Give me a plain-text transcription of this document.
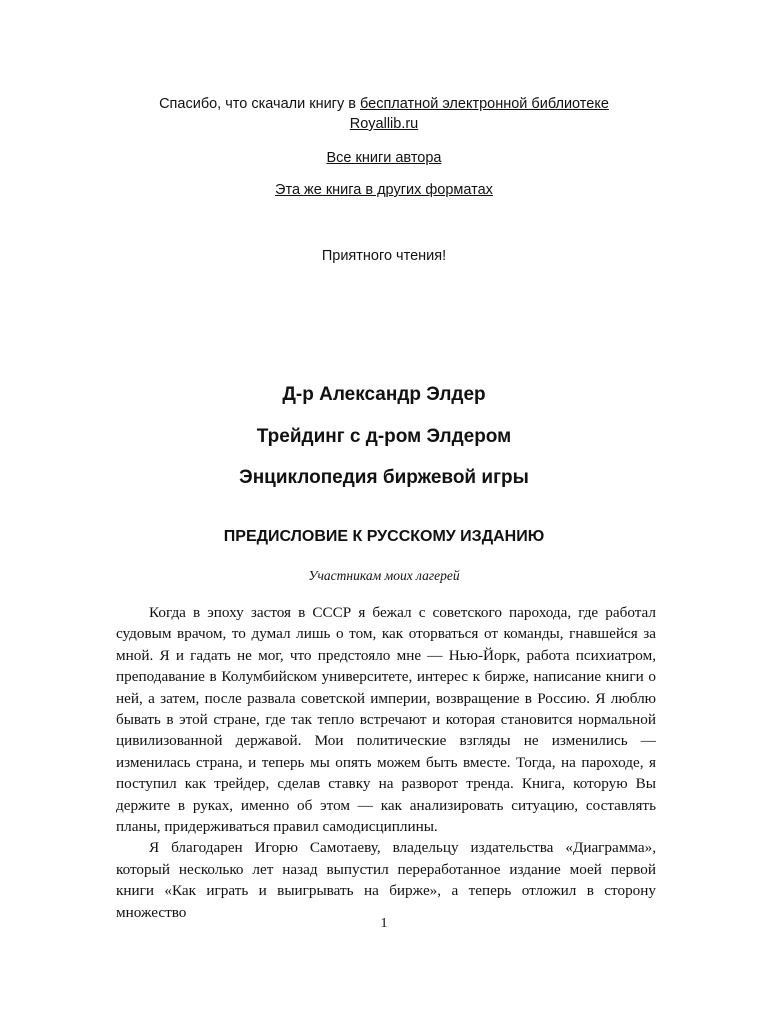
Спасибо, что скачали книгу в бесплатной электронной библиотеке
Royallib.ru
Все книги автора
Эта же книга в других форматах
Приятного чтения!
Д-р Александр Элдер
Трейдинг с д-ром Элдером
Энциклопедия биржевой игры
ПРЕДИСЛОВИЕ К РУССКОМУ ИЗДАНИЮ
Участникам моих лагерей

Когда в эпоху застоя в СССР я бежал с советского парохода, где работал судовым врачом, то думал лишь о том, как оторваться от команды, гнавшейся за мной. Я и гадать не мог, что предстояло мне — Нью-Йорк, работа психиатром, преподавание в Колумбийском университете, интерес к бирже, написание книги о ней, а затем, после развала советской империи, возвращение в Россию. Я люблю бывать в этой стране, где так тепло встречают и которая становится нормальной цивилизованной державой. Мои политические взгляды не изменились — изменилась страна, и теперь мы опять можем быть вместе. Тогда, на пароходе, я поступил как трейдер, сделав ставку на разворот тренда. Книга, которую Вы держите в руках, именно об этом — как анализировать ситуацию, составлять планы, придерживаться правил самодисциплины.

Я благодарен Игорю Самотаеву, владельцу издательства «Диаграмма», который несколько лет назад выпустил переработанное издание моей первой книги «Как играть и выигрывать на бирже», а теперь отложил в сторону множество

1
